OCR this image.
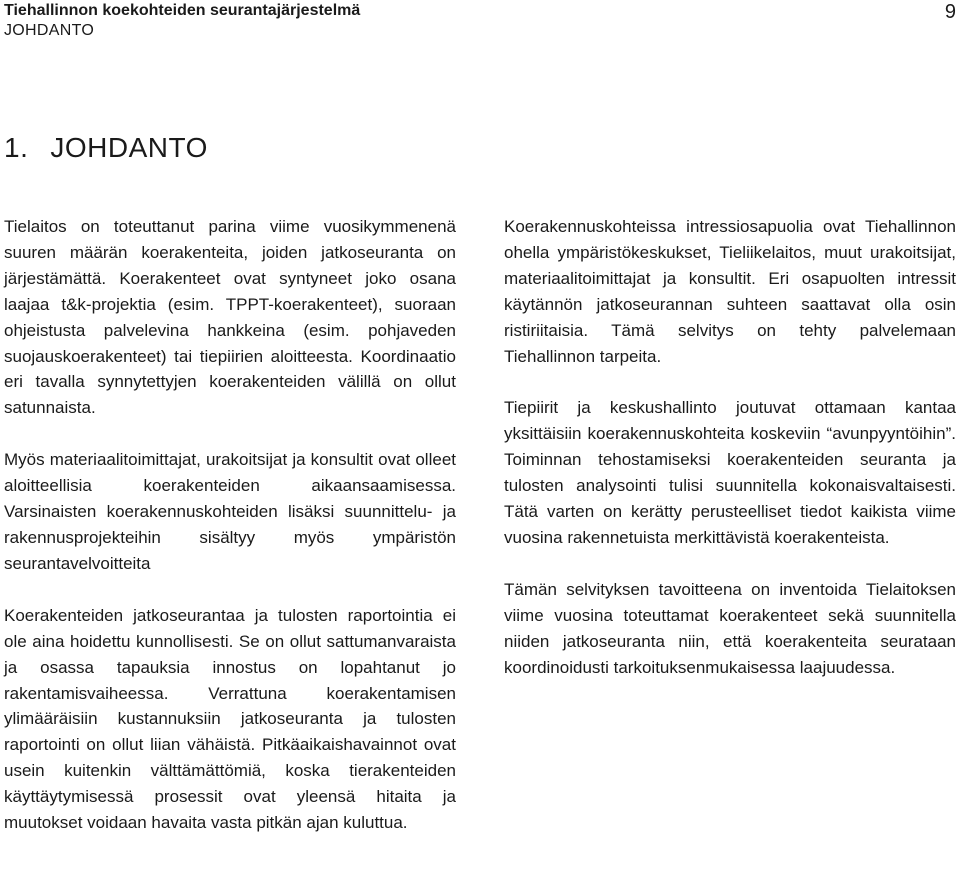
Tiehallinnon koekohteiden seurantajärjestelmä

JOHDANTO

9
1. JOHDANTO

Tielaitos on toteuttanut parina viime vuosikymmenenä suuren määrän koerakenteita, joiden jatkoseuranta on järjestämättä. Koerakenteet ovat syntyneet joko osana laajaa t&k-projektia (esim. TPPT-koerakenteet), suoraan ohjeistusta palvelevina hankkeina (esim. pohjaveden suojauskoerakenteet) tai tiepiirien aloitteesta. Koordinaatio eri tavalla synnytettyjen koerakenteiden välillä on ollut satunnaista.

Myös materiaalitoimittajat, urakoitsijat ja konsultit ovat olleet aloitteellisia koerakenteiden aikaansaamisessa. Varsinaisten koerakennuskohteiden lisäksi suunnittelu- ja rakennusprojekteihin sisältyy myös ympäristön seurantavelvoitteita

Koerakenteiden jatkoseurantaa ja tulosten raportointia ei ole aina hoidettu kunnollisesti. Se on ollut sattumanvaraista ja osassa tapauksia innostus on lopahtanut jo rakentamisvaiheessa. Verrattuna koerakentamisen ylimääräisiin kustannuksiin jatkoseuranta ja tulosten raportointi on ollut liian vähäistä. Pitkäaikaishavainnot ovat usein kuitenkin välttämättömiä, koska tierakenteiden käyttäytymisessä prosessit ovat yleensä hitaita ja muutokset voidaan havaita vasta pitkän ajan kuluttua.

Koerakennuskohteissa intressiosapuolia ovat Tiehallinnon ohella ympäristökeskukset, Tieliikelaitos, muut urakoitsijat, materiaalitoimittajat ja konsultit. Eri osapuolten intressit käytännön jatkoseurannan suhteen saattavat olla osin ristiriitaisia. Tämä selvitys on tehty palvelemaan Tiehallinnon tarpeita.

Tiepiirit ja keskushallinto joutuvat ottamaan kantaa yksittäisiin koerakennuskohteita koskeviin “avunpyyntöihin”. Toiminnan tehostamiseksi koerakenteiden seuranta ja tulosten analysointi tulisi suunnitella kokonaisvaltaisesti. Tätä varten on kerätty perusteelliset tiedot kaikista viime vuosina rakennetuista merkittävistä koerakenteista.

Tämän selvityksen tavoitteena on inventoida Tielaitoksen viime vuosina toteuttamat koerakenteet sekä suunnitella niiden jatkoseuranta niin, että koerakenteita seurataan koordinoidusti tarkoituksenmukaisessa laajuudessa.
